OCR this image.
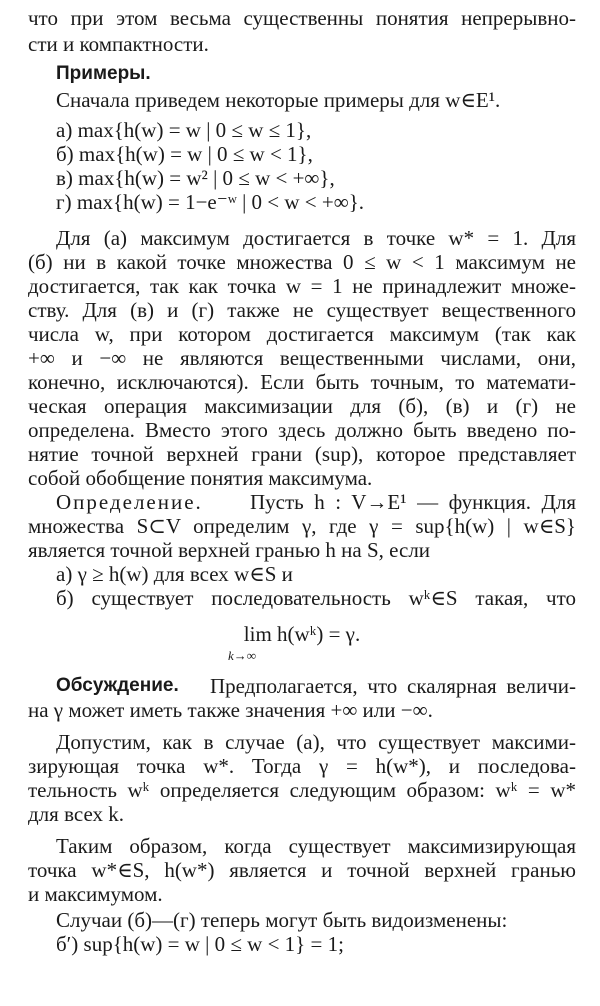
что при этом весьма существенны понятия непрерывно-

сти и компактности.

Примеры.

Сначала приведем некоторые примеры для w∈E¹.

а) max{h(w) = w | 0 ≤ w ≤ 1},

б) max{h(w) = w | 0 ≤ w < 1},

в) max{h(w) = w² | 0 ≤ w < +∞},

г) max{h(w) = 1−e⁻ʷ | 0 < w < +∞}.

Для (а) максимум достигается в точке w* = 1. Для

(б) ни в какой точке множества 0 ≤ w < 1 максимум не

достигается, так как точка w = 1 не принадлежит множе-

ству. Для (в) и (г) также не существует вещественного

числа w, при котором достигается максимум (так как

+∞ и −∞ не являются вещественными числами, они,

конечно, исключаются). Если быть точным, то математи-

ческая операция максимизации для (б), (в) и (г) не

определена. Вместо этого здесь должно быть введено по-

нятие точной верхней грани (sup), которое представляет

собой обобщение понятия максимума.

Определение.	Пусть h : V→E¹ — функция. Для

множества S⊂V определим γ, где γ = sup{h(w) | w∈S}

является точной верхней гранью h на S, если

а) γ ≥ h(w) для всех w∈S и

б) существует последовательность wᵏ∈S такая, что

lim h(wᵏ) = γ.

k→∞

Обсуждение.	Предполагается, что скалярная величи-

на γ может иметь также значения +∞ или −∞.

Допустим, как в случае (а), что существует максими-

зирующая точка w*. Тогда γ = h(w*), и последова-

тельность wᵏ определяется следующим образом: wᵏ = w*

для всех k.

Таким образом, когда существует максимизирующая

точка w*∈S, h(w*) является и точной верхней гранью

и максимумом.

Случаи (б)—(г) теперь могут быть видоизменены:

б′) sup{h(w) = w | 0 ≤ w < 1} = 1;
